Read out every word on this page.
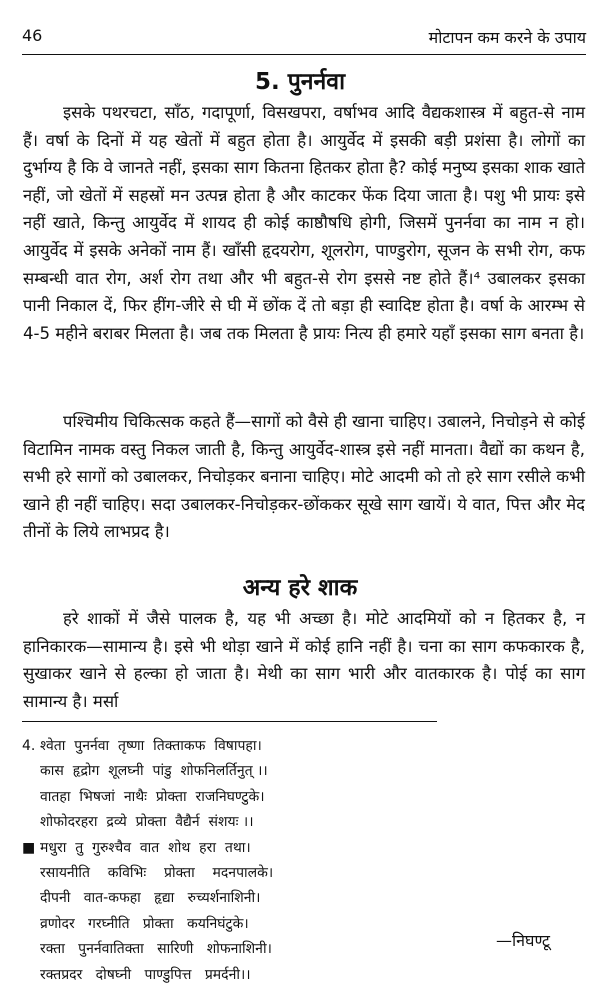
46	मोटापन कम करने के उपाय
5. पुनर्नवा

इसके पथरचटा, साँठ, गदापूर्णा, विसखपरा, वर्षाभव आदि वैद्यकशास्त्र में बहुत-से नाम हैं। वर्षा के दिनों में यह खेतों में बहुत होता है। आयुर्वेद में इसकी बड़ी प्रशंसा है। लोगों का दुर्भाग्य है कि वे जानते नहीं, इसका साग कितना हितकर होता है? कोई मनुष्य इसका शाक खाते नहीं, जो खेतों में सहस्रों मन उत्पन्न होता है और काटकर फेंक दिया जाता है। पशु भी प्रायः इसे नहीं खाते, किन्तु आयुर्वेद में शायद ही कोई काष्ठौषधि होगी, जिसमें पुनर्नवा का नाम न हो। आयुर्वेद में इसके अनेकों नाम हैं। खाँसी हृदयरोग, शूलरोग, पाण्डुरोग, सूजन के सभी रोग, कफ सम्बन्धी वात रोग, अर्श रोग तथा और भी बहुत-से रोग इससे नष्ट होते हैं।⁴ उबालकर इसका पानी निकाल दें, फिर हींग-जीरे से घी में छोंक दें तो बड़ा ही स्वादिष्ट होता है। वर्षा के आरम्भ से 4-5 महीने बराबर मिलता है। जब तक मिलता है प्रायः नित्य ही हमारे यहाँ इसका साग बनता है।

पश्चिमीय चिकित्सक कहते हैं—सागों को वैसे ही खाना चाहिए। उबालने, निचोड़ने से कोई विटामिन नामक वस्तु निकल जाती है, किन्तु आयुर्वेद-शास्त्र इसे नहीं मानता। वैद्यों का कथन है, सभी हरे सागों को उबालकर, निचोड़कर बनाना चाहिए। मोटे आदमी को तो हरे साग रसीले कभी खाने ही नहीं चाहिए। सदा उबालकर-निचोड़कर-छोंककर सूखे साग खायें। ये वात, पित्त और मेद तीनों के लिये लाभप्रद है।

अन्य हरे शाक

हरे शाकों में जैसे पालक है, यह भी अच्छा है। मोटे आदमियों को न हितकर है, न हानिकारक—सामान्य है। इसे भी थोड़ा खाने में कोई हानि नहीं है। चना का साग कफकारक है, सुखाकर खाने से हल्का हो जाता है। मेथी का साग भारी और वातकारक है। पोई का साग सामान्य है। मर्सा

4. श्वेता  पुनर्नवा  तृष्णा  तिक्ताकफ  विषापहा।
कास  हृद्रोग  शूलघ्नी  पांडु  शोफनिलर्तिनुत् ।।
वातहा  भिषजां  नाथैः  प्रोक्ता  राजनिघण्टुके।
शोफोदरहरा  द्रव्ये  प्रोक्ता  वैद्यैर्न  संशयः ।।
■ मधुरा  तु  गुरुश्चैव  वात  शोथ  हरा  तथा।
रसायनीति    कविभिः    प्रोक्ता    मदनपालके।
दीपनी   वात-कफहा   हृद्या   रुच्यर्शनाशिनी।
व्रणोदर   गरघ्नीति   प्रोक्ता   कयनिघंटुके।
रक्ता   पुनर्नवातिक्ता   सारिणी   शोफनाशिनी।
रक्तप्रदर   दोषघ्नी   पाण्डुपित्त   प्रमर्दनी।।
—निघण्टू
